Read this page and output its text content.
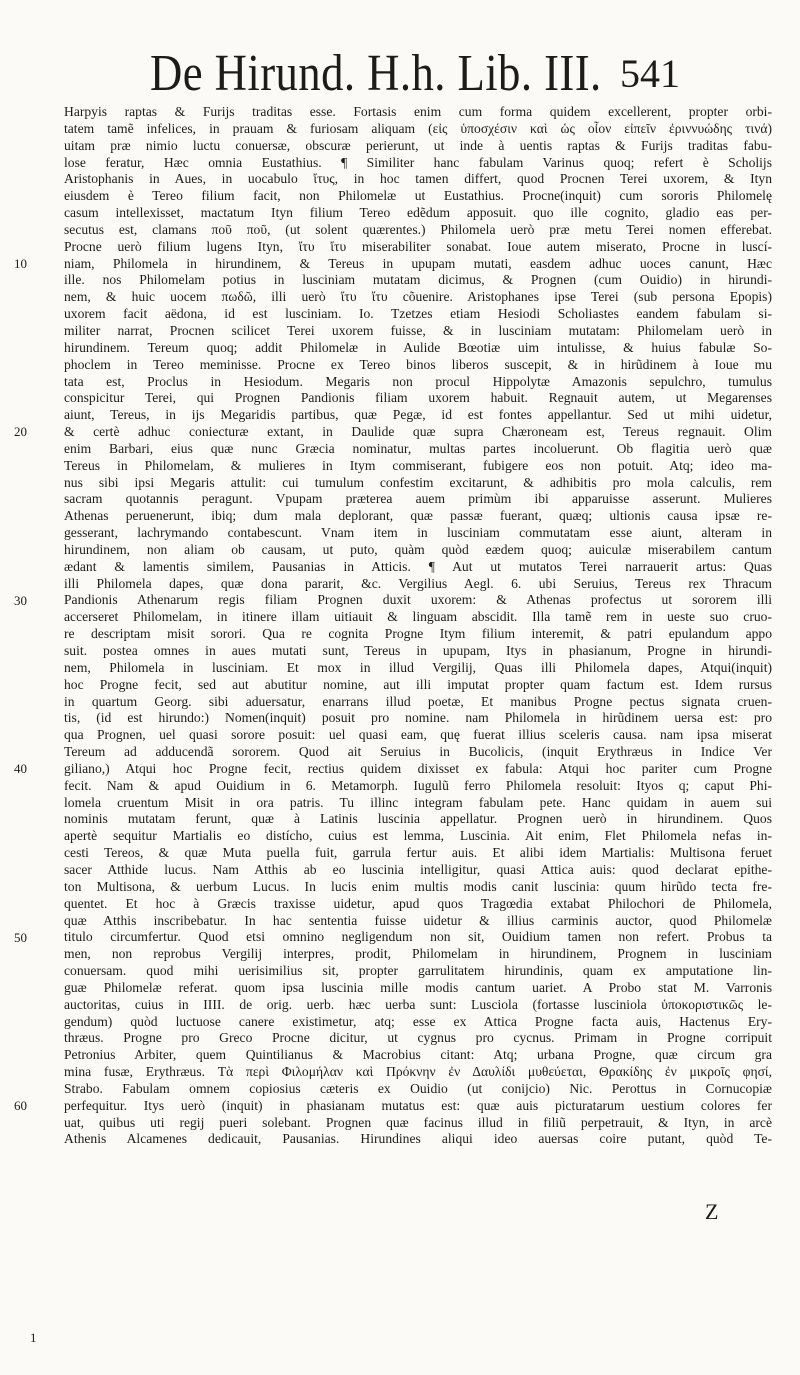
De Hirund. H.h. Lib. III. 541
Harpyis raptas & Furijs traditas esse. Fortasis enim cum forma quidem excellerent, propter orbi-
tatem tamẽ infelices, in prauam & furiosam aliquam (εἰς ὑποσχέσιν καὶ ὡς οἶον εἰπεῖν ἐριννυώδης τινά)
uitam præ nimio luctu conuersæ, obscuræ perierunt, ut inde à uentis raptas & Furijs traditas fabu-
lose feratur, Hæc omnia Eustathius. ¶ Similiter hanc fabulam Varinus quoq; refert è Scholijs
Aristophanis in Aues, in uocabulo ἴτυς, in hoc tamen differt, quod Procnen Terei uxorem, & Ityn
eiusdem è Tereo filium facit, non Philomelæ ut Eustathius. Procne(inquit) cum sororis Philomelę
casum intellexisset, mactatum Ityn filium Tereo edẽdum apposuit. quo ille cognito, gladio eas per-
secutus est, clamans ποῦ ποῦ, (ut solent quærentes.) Philomela uerò præ metu Terei nomen efferebat.
Procne uerò filium lugens Ityn, ἴτυ ἴτυ miserabiliter sonabat. Ioue autem miserato, Procne in luscí-
niam, Philomela in hirundinem, & Tereus in upupam mutati, easdem adhuc uoces canunt, Hæc
ille. nos Philomelam potius in lusciniam mutatam dicimus, & Prognen (cum Ouidio) in hirundi-
nem, & huic uocem πωδῶ, illi uerò ἴτυ ἴτυ cõuenire. Aristophanes ipse Terei (sub persona Epopis)
uxorem facit aëdona, id est lusciniam. Io. Tzetzes etiam Hesiodi Scholiastes eandem fabulam si-
militer narrat, Procnen scilicet Terei uxorem fuisse, & in lusciniam mutatam: Philomelam uerò in
hirundinem. Tereum quoq; addit Philomelæ in Aulide Bœotiæ uim intulisse, & huius fabulæ So-
phoclem in Tereo meminisse. Procne ex Tereo binos liberos suscepit, & in hirũdinem à Ioue mu
tata est, Proclus in Hesiodum. Megaris non procul Hippolytæ Amazonis sepulchro, tumulus
conspicitur Terei, qui Prognen Pandionis filiam uxorem habuit. Regnauit autem, ut Megarenses
aiunt, Tereus, in ijs Megaridis partibus, quæ Pegæ, id est fontes appellantur. Sed ut mihi uidetur,
& certè adhuc coniecturæ extant, in Daulide quæ supra Chæroneam est, Tereus regnauit. Olim
enim Barbari, eius quæ nunc Græcia nominatur, multas partes incoluerunt. Ob flagitia uerò quæ
Tereus in Philomelam, & mulieres in Itym commiserant, fubigere eos non potuit. Atq; ideo ma-
nus sibi ipsi Megaris attulit: cui tumulum confestim excitarunt, & adhibitis pro mola calculis, rem
sacram quotannis peragunt. Vpupam præterea auem primùm ibi apparuisse asserunt. Mulieres
Athenas peruenerunt, ibiq; dum mala deplorant, quæ passæ fuerant, quæq; ultionis causa ipsæ re-
gesserant, lachrymando contabescunt. Vnam item in lusciniam commutatam esse aiunt, alteram in
hirundinem, non aliam ob causam, ut puto, quàm quòd eædem quoq; auiculæ miserabilem cantum
ædant & lamentis similem, Pausanias in Atticis. ¶ Aut ut mutatos Terei narrauerit artus: Quas
illi Philomela dapes, quæ dona pararit, &c. Vergilius Aegl. 6. ubi Seruius, Tereus rex Thracum
Pandionis Athenarum regis filiam Prognen duxit uxorem: & Athenas profectus ut sororem illi
accerseret Philomelam, in itinere illam uitiauit & linguam abscidit. Illa tamẽ rem in ueste suo cruo-
re descriptam misit sorori. Qua re cognita Progne Itym filium interemit, & patri epulandum appo
suit. postea omnes in aues mutati sunt, Tereus in upupam, Itys in phasianum, Progne in hirundi-
nem, Philomela in lusciniam. Et mox in illud Vergilij, Quas illi Philomela dapes, Atqui(inquit)
hoc Progne fecit, sed aut abutitur nomine, aut illi imputat propter quam factum est. Idem rursus
in quartum Georg. sibi aduersatur, enarrans illud poetæ, Et manibus Progne pectus signata cruen-
tis, (id est hirundo:) Nomen(inquit) posuit pro nomine. nam Philomela in hirũdinem uersa est: pro
qua Prognen, uel quasi sorore posuit: uel quasi eam, quę fuerat illius sceleris causa. nam ipsa miserat
Tereum ad adducendã sororem. Quod ait Seruius in Bucolicis, (inquit Erythræus in Indice Ver
giliano,) Atqui hoc Progne fecit, rectius quidem dixisset ex fabula: Atqui hoc pariter cum Progne
fecit. Nam & apud Ouidium in 6. Metamorph. Iugulũ ferro Philomela resoluit: Ityos q; caput Phi-
lomela cruentum Misit in ora patris. Tu illinc integram fabulam pete. Hanc quidam in auem sui
nominis mutatam ferunt, quæ à Latinis luscinia appellatur. Prognen uerò in hirundinem. Quos
apertè sequitur Martialis eo distícho, cuius est lemma, Luscinia. Ait enim, Flet Philomela nefas in-
cesti Tereos, & quæ Muta puella fuit, garrula fertur auis. Et alibi idem Martialis: Multisona feruet
sacer Atthide lucus. Nam Atthis ab eo luscinia intelligitur, quasi Attica auis: quod declarat epithe-
ton Multisona, & uerbum Lucus. In lucis enim multis modis canit luscinia: quum hirũdo tecta fre-
quentet. Et hoc à Græcis traxisse uidetur, apud quos Tragœdia extabat Philochori de Philomela,
quæ Atthis inscribebatur. In hac sententia fuisse uidetur & illius carminis auctor, quod Philomelæ
titulo circumfertur. Quod etsi omnino negligendum non sit, Ouidium tamen non refert. Probus ta
men, non reprobus Vergilij interpres, prodit, Philomelam in hirundinem, Prognem in lusciniam
conuersam. quod mihi uerisimilius sit, propter garrulitatem hirundinis, quam ex amputatione lin-
guæ Philomelæ referat. quom ipsa luscinia mille modis cantum uariet. A Probo stat M. Varronis
auctoritas, cuius in IIII. de orig. uerb. hæc uerba sunt: Lusciola (fortasse lusciniola ὑποκοριστικῶς le-
gendum) quòd luctuose canere existimetur, atq; esse ex Attica Progne facta auis, Hactenus Ery-
thræus. Progne pro Greco Procne dicitur, ut cygnus pro cycnus. Primam in Progne corripuit
Petronius Arbiter, quem Quintilianus & Macrobius citant: Atq; urbana Progne, quæ circum gra
mina fusæ, Erythræus. Τὰ περὶ Φιλομήλαν καὶ Πρόκνην ἐν Δαυλίδι μυθεύεται, Θρακίδης ἐν μικροῖς φησί,
Strabo. Fabulam omnem copiosius cæteris ex Ouidio (ut conijcio) Nic. Perottus in Cornucopiæ
perfequitur. Itys uerò (inquit) in phasianam mutatus est: quæ auis picturatarum uestium colores fer
uat, quibus uti regij pueri solebant. Prognen quæ facinus illud in filiũ perpetrauit, & Ityn, in arcè
Athenis Alcamenes dedicauit, Pausanias. Hirundines aliqui ideo auersas coire putant, quòd Te-
10
20
30
40
50
60
Z
1
